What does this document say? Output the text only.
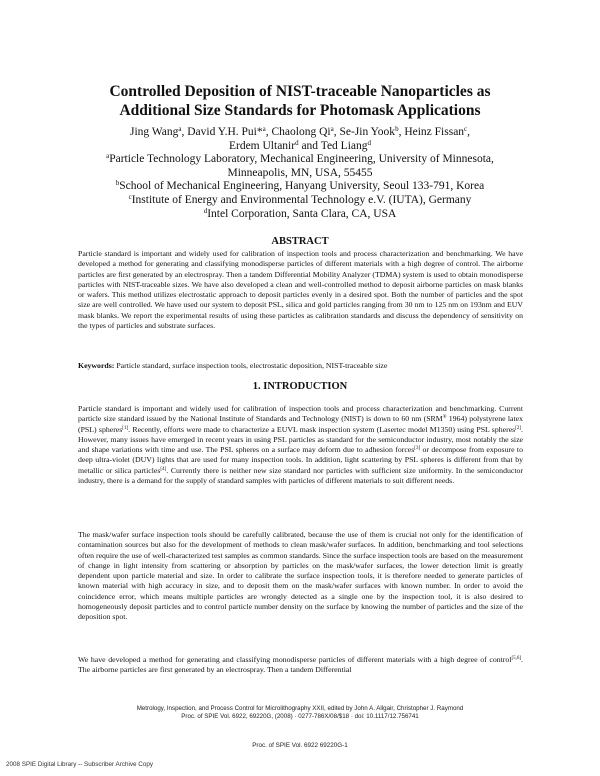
Controlled Deposition of NIST-traceable Nanoparticles as
Additional Size Standards for Photomask Applications
Jing Wang$^a$, David Y.H. Pui*$^a$, Chaolong Qi$^a$, Se-Jin Yook$^b$, Heinz Fissan$^c$,
Erdem Ultanir$^d$ and Ted Liang$^d$
$^a$Particle Technology Laboratory, Mechanical Engineering, University of Minnesota,
Minneapolis, MN, USA, 55455
$^b$School of Mechanical Engineering, Hanyang University, Seoul 133-791, Korea
$^c$Institute of Energy and Environmental Technology e.V. (IUTA), Germany
$^d$Intel Corporation, Santa Clara, CA, USA
ABSTRACT

Particle standard is important and widely used for calibration of inspection tools and process characterization and benchmarking. We have developed a method for generating and classifying monodisperse particles of different materials with a high degree of control. The airborne particles are first generated by an electrospray. Then a tandem Differential Mobility Analyzer (TDMA) system is used to obtain monodisperse particles with NIST-traceable sizes. We have also developed a clean and well-controlled method to deposit airborne particles on mask blanks or wafers. This method utilizes electrostatic approach to deposit particles evenly in a desired spot. Both the number of particles and the spot size are well controlled. We have used our system to deposit PSL, silica and gold particles ranging from 30 nm to 125 nm on 193nm and EUV mask blanks. We report the experimental results of using these particles as calibration standards and discuss the dependency of sensitivity on the types of particles and substrate surfaces.

Keywords: Particle standard, surface inspection tools, electrostatic deposition, NIST-traceable size
1. INTRODUCTION

Particle standard is important and widely used for calibration of inspection tools and process characterization and benchmarking. Current particle size standard issued by the National Institute of Standards and Technology (NIST) is down to 60 nm (SRM® 1964) polystyrene latex (PSL) spheres[1]. Recently, efforts were made to characterize a EUVL mask inspection system (Lasertec model M1350) using PSL spheres[2]. However, many issues have emerged in recent years in using PSL particles as standard for the semiconductor industry, most notably the size and shape variations with time and use. The PSL spheres on a surface may deform due to adhesion forces[3] or decompose from exposure to deep ultra-violet (DUV) lights that are used for many inspection tools. In addition, light scattering by PSL spheres is different from that by metallic or silica particles[4]. Currently there is neither new size standard nor particles with sufficient size uniformity. In the semiconductor industry, there is a demand for the supply of standard samples with particles of different materials to suit different needs.

The mask/wafer surface inspection tools should be carefully calibrated, because the use of them is crucial not only for the identification of contamination sources but also for the development of methods to clean mask/wafer surfaces. In addition, benchmarking and tool selections often require the use of well-characterized test samples as common standards. Since the surface inspection tools are based on the measurement of change in light intensity from scattering or absorption by particles on the mask/wafer surfaces, the lower detection limit is greatly dependent upon particle material and size. In order to calibrate the surface inspection tools, it is therefore needed to generate particles of known material with high accuracy in size, and to deposit them on the mask/wafer surfaces with known number. In order to avoid the coincidence error, which means multiple particles are wrongly detected as a single one by the inspection tool, it is also desired to homogeneously deposit particles and to control particle number density on the surface by knowing the number of particles and the size of the deposition spot.

We have developed a method for generating and classifying monodisperse particles of different materials with a high degree of control[5,6]. The airborne particles are first generated by an electrospray. Then a tandem Differential

Metrology, Inspection, and Process Control for Microlithography XXII, edited by John A. Allgair, Christopher J. Raymond
Proc. of SPIE Vol. 6922, 69220G, (2008) · 0277-786X/08/$18 · doi: 10.1117/12.756741
Proc. of SPIE Vol. 6922 69220G-1
2008 SPIE Digital Library -- Subscriber Archive Copy
